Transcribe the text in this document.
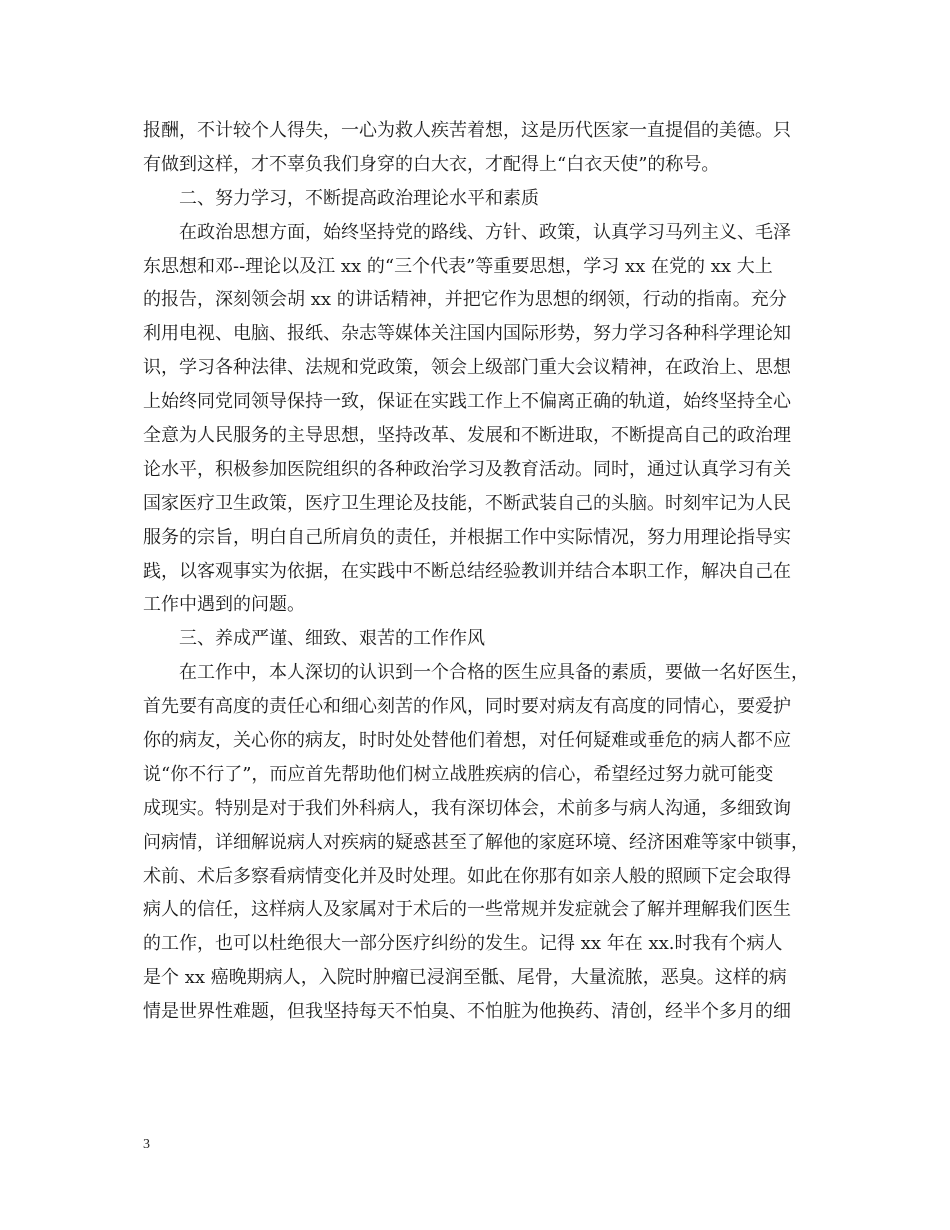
报酬，不计较个人得失，一心为救人疾苦着想，这是历代医家一直提倡的美德。只
有做到这样，才不辜负我们身穿的白大衣，才配得上“白衣天使”的称号。
二、努力学习，不断提高政治理论水平和素质
在政治思想方面，始终坚持党的路线、方针、政策，认真学习马列主义、毛泽
东思想和邓--理论以及江 xx 的“三个代表”等重要思想，学习 xx 在党的 xx 大上
的报告，深刻领会胡 xx 的讲话精神，并把它作为思想的纲领，行动的指南。充分
利用电视、电脑、报纸、杂志等媒体关注国内国际形势，努力学习各种科学理论知
识，学习各种法律、法规和党政策，领会上级部门重大会议精神，在政治上、思想
上始终同党同领导保持一致，保证在实践工作上不偏离正确的轨道，始终坚持全心
全意为人民服务的主导思想，坚持改革、发展和不断进取，不断提高自己的政治理
论水平，积极参加医院组织的各种政治学习及教育活动。同时，通过认真学习有关
国家医疗卫生政策，医疗卫生理论及技能，不断武装自己的头脑。时刻牢记为人民
服务的宗旨，明白自己所肩负的责任，并根据工作中实际情况，努力用理论指导实
践，以客观事实为依据，在实践中不断总结经验教训并结合本职工作，解决自己在
工作中遇到的问题。
三、养成严谨、细致、艰苦的工作作风
在工作中，本人深切的认识到一个合格的医生应具备的素质，要做一名好医生，
首先要有高度的责任心和细心刻苦的作风，同时要对病友有高度的同情心，要爱护
你的病友，关心你的病友，时时处处替他们着想，对任何疑难或垂危的病人都不应
说“你不行了”，而应首先帮助他们树立战胜疾病的信心，希望经过努力就可能变
成现实。特别是对于我们外科病人，我有深切体会，术前多与病人沟通，多细致询
问病情，详细解说病人对疾病的疑惑甚至了解他的家庭环境、经济困难等家中锁事，
术前、术后多察看病情变化并及时处理。如此在你那有如亲人般的照顾下定会取得
病人的信任，这样病人及家属对于术后的一些常规并发症就会了解并理解我们医生
的工作，也可以杜绝很大一部分医疗纠纷的发生。记得 xx 年在 xx.时我有个病人
是个 xx 癌晚期病人，入院时肿瘤已浸润至骶、尾骨，大量流脓，恶臭。这样的病
情是世界性难题，但我坚持每天不怕臭、不怕脏为他换药、清创，经半个多月的细
3
